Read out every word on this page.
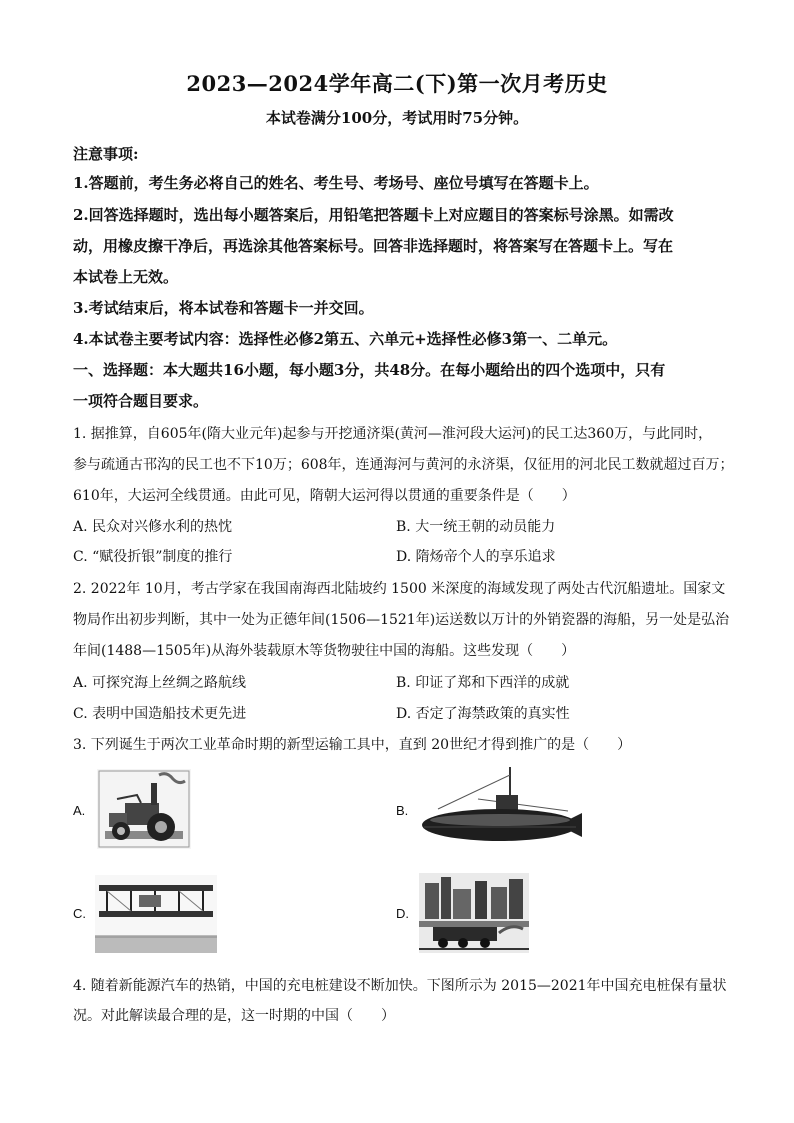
2023—2024学年高二(下)第一次月考历史
本试卷满分100分，考试用时75分钟。
注意事项:
1.答题前，考生务必将自己的姓名、考生号、考场号、座位号填写在答题卡上。
2.回答选择题时，选出每小题答案后，用铅笔把答题卡上对应题目的答案标号涂黑。如需改
动，用橡皮擦干净后，再选涂其他答案标号。回答非选择题时，将答案写在答题卡上。写在
本试卷上无效。
3.考试结束后，将本试卷和答题卡一并交回。
4.本试卷主要考试内容：选择性必修2第五、六单元+选择性必修3第一、二单元。
一、选择题：本大题共16小题，每小题3分，共48分。在每小题给出的四个选项中，只有
一项符合题目要求。
1. 据推算，自605年(隋大业元年)起参与开挖通济渠(黄河—淮河段大运河)的民工达360万，与此同时，
参与疏通古邗沟的民工也不下10万；608年，连通海河与黄河的永济渠，仅征用的河北民工数就超过百万；
610年，大运河全线贯通。由此可见，隋朝大运河得以贯通的重要条件是（　　）
A. 民众对兴修水利的热忱	B. 大一统王朝的动员能力
C. “赋役折银”制度的推行	D. 隋炀帝个人的享乐追求
2. 2022年 10月，考古学家在我国南海西北陆坡约 1500 米深度的海域发现了两处古代沉船遗址。国家文
物局作出初步判断，其中一处为正德年间(1506—1521年)运送数以万计的外销瓷器的海船，另一处是弘治
年间(1488—1505年)从海外装载原木等货物驶往中国的海船。这些发现（　　）
A. 可探究海上丝绸之路航线	B. 印证了郑和下西洋的成就
C. 表明中国造船技术更先进	D. 否定了海禁政策的真实性
3. 下列诞生于两次工业革命时期的新型运输工具中，直到 20世纪才得到推广的是（　　）
A.	B.
C.	D.
4. 随着新能源汽车的热销，中国的充电桩建设不断加快。下图所示为 2015—2021年中国充电桩保有量状
况。对此解读最合理的是，这一时期的中国（　　）
